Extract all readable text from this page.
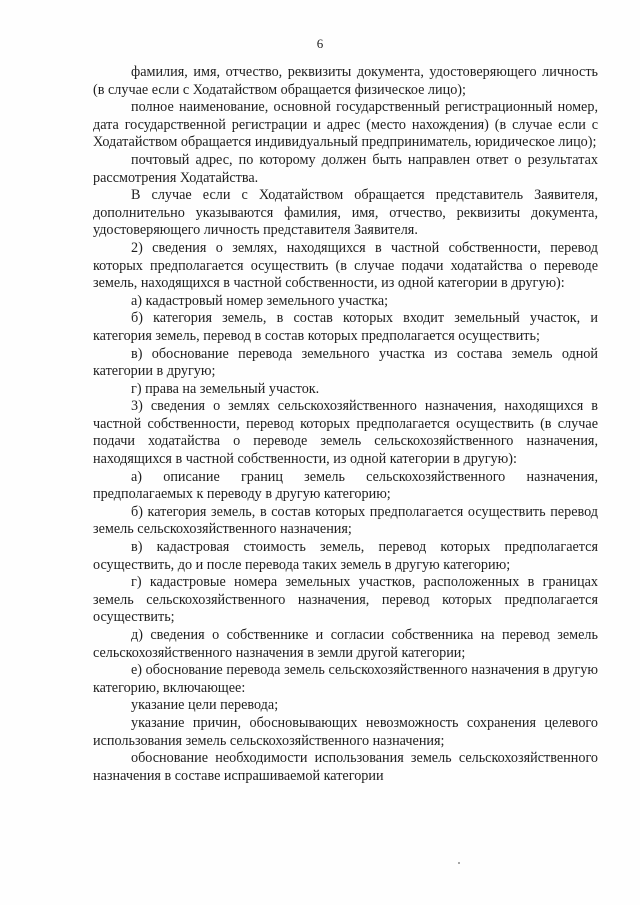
6

фамилия, имя, отчество, реквизиты документа, удостоверяющего личность (в случае если с Ходатайством обращается физическое лицо);

полное наименование, основной государственный регистрационный номер, дата государственной регистрации и адрес (место нахождения) (в случае если с Ходатайством обращается индивидуальный предприниматель, юридическое лицо);

почтовый адрес, по которому должен быть направлен ответ о результатах рассмотрения Ходатайства.

В случае если с Ходатайством обращается представитель Заявителя, дополнительно указываются фамилия, имя, отчество, реквизиты документа, удостоверяющего личность представителя Заявителя.

2) сведения о землях, находящихся в частной собственности, перевод которых предполагается осуществить (в случае подачи ходатайства о переводе земель, находящихся в частной собственности, из одной категории в другую):

а) кадастровый номер земельного участка;

б) категория земель, в состав которых входит земельный участок, и категория земель, перевод в состав которых предполагается осуществить;

в) обоснование перевода земельного участка из состава земель одной категории в другую;

г) права на земельный участок.

3) сведения о землях сельскохозяйственного назначения, находящихся в частной собственности, перевод которых предполагается осуществить (в случае подачи ходатайства о переводе земель сельскохозяйственного назначения, находящихся в частной собственности, из одной категории в другую):

а) описание границ земель сельскохозяйственного назначения, предполагаемых к переводу в другую категорию;

б) категория земель, в состав которых предполагается осуществить перевод земель сельскохозяйственного назначения;

в) кадастровая стоимость земель, перевод которых предполагается осуществить, до и после перевода таких земель в другую категорию;

г) кадастровые номера земельных участков, расположенных в границах земель сельскохозяйственного назначения, перевод которых предполагается осуществить;

д) сведения о собственнике и согласии собственника на перевод земель сельскохозяйственного назначения в земли другой категории;

е) обоснование перевода земель сельскохозяйственного назначения в другую категорию, включающее:

указание цели перевода;

указание причин, обосновывающих невозможность сохранения целевого использования земель сельскохозяйственного назначения;

обоснование необходимости использования земель сельскохозяйственного назначения в составе испрашиваемой категории
